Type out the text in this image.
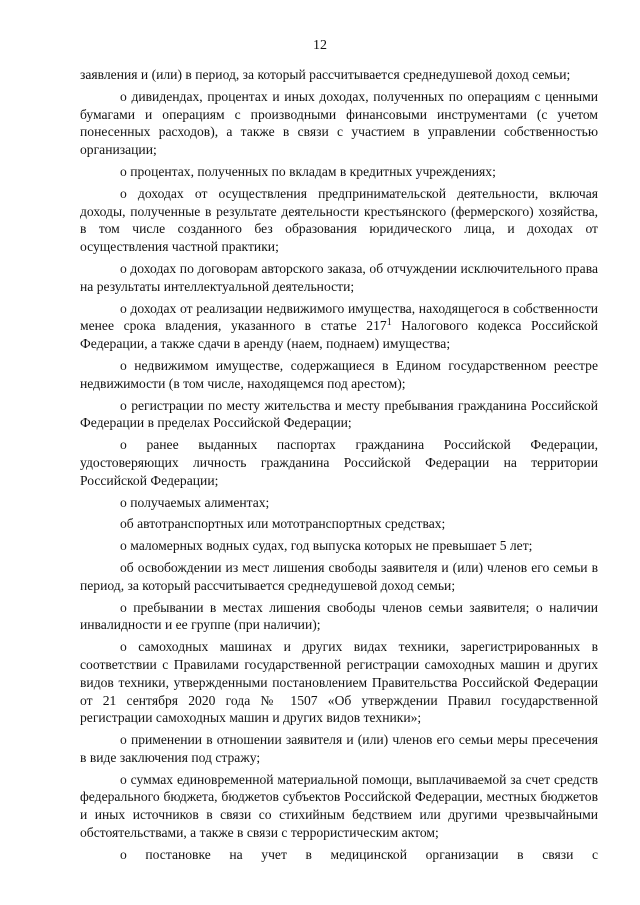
12

заявления и (или) в период, за который рассчитывается среднедушевой доход семьи;

о дивидендах, процентах и иных доходах, полученных по операциям с ценными бумагами и операциям с производными финансовыми инструментами (с учетом понесенных расходов), а также в связи с участием в управлении собственностью организации;

о процентах, полученных по вкладам в кредитных учреждениях;

о доходах от осуществления предпринимательской деятельности, включая доходы, полученные в результате деятельности крестьянского (фермерского) хозяйства, в том числе созданного без образования юридического лица, и доходах от осуществления частной практики;

о доходах по договорам авторского заказа, об отчуждении исключительного права на результаты интеллектуальной деятельности;

о доходах от реализации недвижимого имущества, находящегося в собственности менее срока владения, указанного в статье $217^1$ Налогового кодекса Российской Федерации, а также сдачи в аренду (наем, поднаем) имущества;

о недвижимом имуществе, содержащиеся в Едином государственном реестре недвижимости (в том числе, находящемся под арестом);

о регистрации по месту жительства и месту пребывания гражданина Российской Федерации в пределах Российской Федерации;

о ранее выданных паспортах гражданина Российской Федерации, удостоверяющих личность гражданина Российской Федерации на территории Российской Федерации;

о получаемых алиментах;

об автотранспортных или мототранспортных средствах;

о маломерных водных судах, год выпуска которых не превышает 5 лет;

об освобождении из мест лишения свободы заявителя и (или) членов его семьи в период, за который рассчитывается среднедушевой доход семьи;

о пребывании в местах лишения свободы членов семьи заявителя; о наличии инвалидности и ее группе (при наличии);

о самоходных машинах и других видах техники, зарегистрированных в соответствии с Правилами государственной регистрации самоходных машин и других видов техники, утвержденными постановлением Правительства Российской Федерации от 21 сентября 2020 года № 1507 «Об утверждении Правил государственной регистрации самоходных машин и других видов техники»;

о применении в отношении заявителя и (или) членов его семьи меры пресечения в виде заключения под стражу;

о суммах единовременной материальной помощи, выплачиваемой за счет средств федерального бюджета, бюджетов субъектов Российской Федерации, местных бюджетов и иных источников в связи со стихийным бедствием или другими чрезвычайными обстоятельствами, а также в связи с террористическим актом;

о постановке на учет в медицинской организации в связи с
